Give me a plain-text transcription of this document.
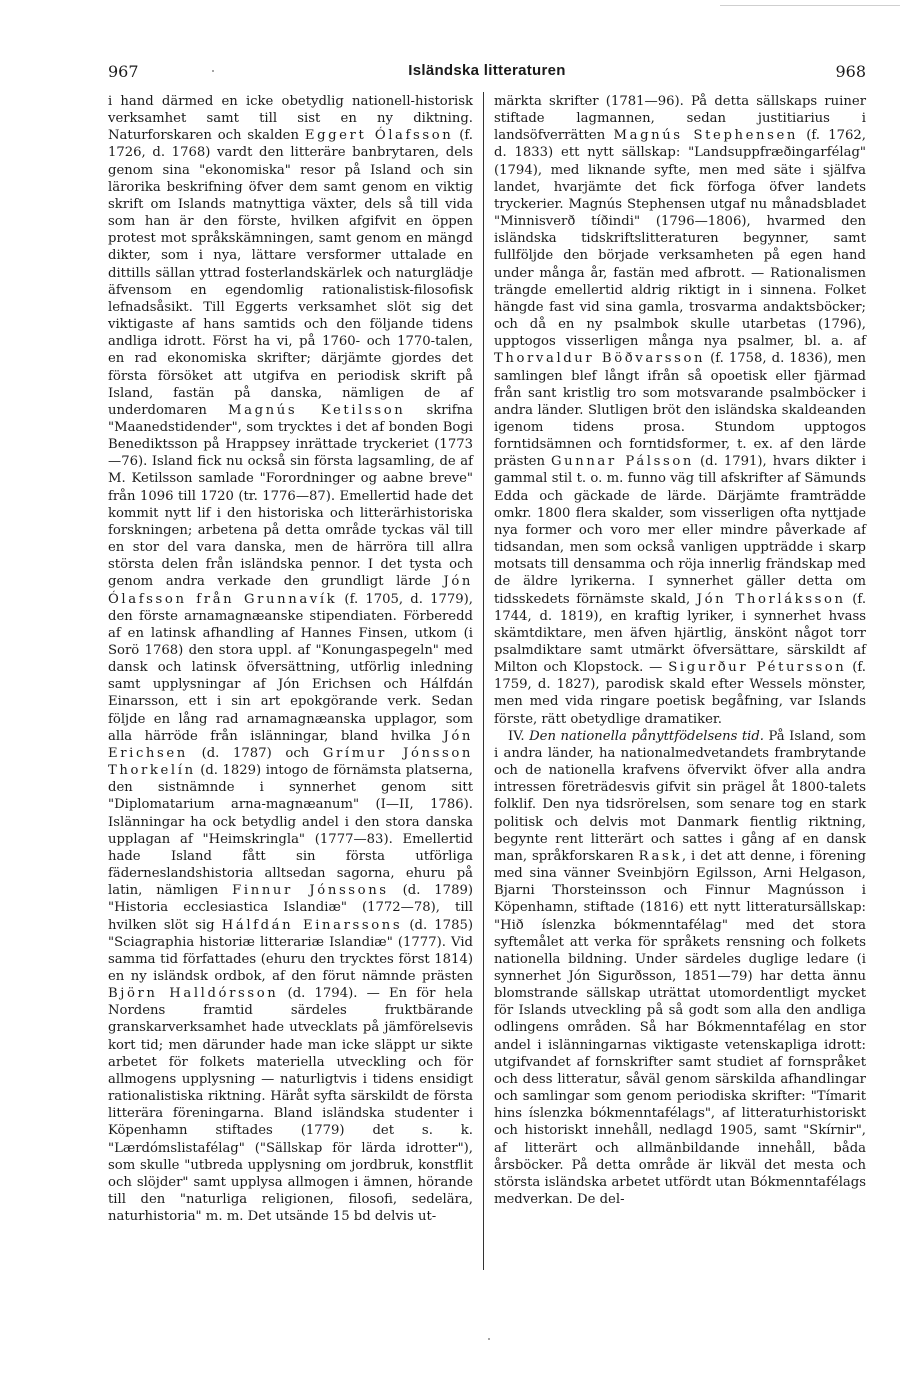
967	Isländska litteraturen	968

i hand därmed en icke obetydlig nationell-historisk verksamhet samt till sist en ny diktning. Naturforskaren och skalden Eggert Ólafsson (f. 1726, d. 1768) vardt den litteräre banbrytaren, dels genom sina "ekonomiska" resor på Island och sin lärorika beskrifning öfver dem samt genom en viktig skrift om Islands matnyttiga växter, dels så till vida som han är den förste, hvilken afgifvit en öppen protest mot språkskämningen, samt genom en mängd dikter, som i nya, lättare versformer uttalade en dittills sällan yttrad fosterlandskärlek och naturglädje äfvensom en egendomlig rationalistisk-filosofisk lefnadsåsikt. Till Eggerts verksamhet slöt sig det viktigaste af hans samtids och den följande tidens andliga idrott. Först ha vi, på 1760- och 1770-talen, en rad ekonomiska skrifter; därjämte gjordes det första försöket att utgifva en periodisk skrift på Island, fastän på danska, nämligen de af underdomaren Magnús Ketilsson skrifna "Maanedstidender", som trycktes i det af bonden Bogi Benediktsson på Hrappsey inrättade tryckeriet (1773—76). Island fick nu också sin första lagsamling, de af M. Ketilsson samlade "Forordninger og aabne breve" från 1096 till 1720 (tr. 1776—87). Emellertid hade det kommit nytt lif i den historiska och litterärhistoriska forskningen; arbetena på detta område tyckas väl till en stor del vara danska, men de härröra till allra största delen från isländska pennor. I det tysta och genom andra verkade den grundligt lärde Jón Ólafsson från Grunnavík (f. 1705, d. 1779), den förste arnamagnæanske stipendiaten. Förberedd af en latinsk afhandling af Hannes Finsen, utkom (i Sorö 1768) den stora uppl. af "Konungaspegeln" med dansk och latinsk öfversättning, utförlig inledning samt upplysningar af Jón Erichsen och Hálfdán Einarsson, ett i sin art epokgörande verk. Sedan följde en lång rad arnamagnæanska upplagor, som alla härröde från islänningar, bland hvilka Jón Erichsen (d. 1787) och Grímur Jónsson Thorkelín (d. 1829) intogo de förnämsta platserna, den sistnämnde i synnerhet genom sitt "Diplomatarium arna-magnæanum" (I—II, 1786). Islänningar ha ock betydlig andel i den stora danska upplagan af "Heimskringla" (1777—83). Emellertid hade Island fått sin första utförliga fäderneslandshistoria alltsedan sagorna, ehuru på latin, nämligen Finnur Jónssons (d. 1789) "Historia ecclesiastica Islandiæ" (1772—78), till hvilken slöt sig Hálfdán Einarssons (d. 1785) "Sciagraphia historiæ litterariæ Islandiæ" (1777). Vid samma tid författades (ehuru den trycktes först 1814) en ny isländsk ordbok, af den förut nämnde prästen Björn Halldórsson (d. 1794). — En för hela Nordens framtid särdeles fruktbärande granskarverksamhet hade utvecklats på jämförelsevis kort tid; men därunder hade man icke släppt ur sikte arbetet för folkets materiella utveckling och för allmogens upplysning — naturligtvis i tidens ensidigt rationalistiska riktning. Häråt syfta särskildt de första litterära föreningarna. Bland isländska studenter i Köpenhamn stiftades (1779) det s. k. "Lærdómslistafélag" ("Sällskap för lärda idrotter"), som skulle "utbreda upplysning om jordbruk, konstflit och slöjder" samt upplysa allmogen i ämnen, hörande till den "naturliga religionen, filosofi, sedelära, naturhistoria" m. m. Det utsände 15 bd delvis ut-

märkta skrifter (1781—96). På detta sällskaps ruiner stiftade lagmannen, sedan justitiarius i landsöfverrätten Magnús Stephensen (f. 1762, d. 1833) ett nytt sällskap: "Landsuppfræðingarfélag" (1794), med liknande syfte, men med säte i själfva landet, hvarjämte det fick förfoga öfver landets tryckerier. Magnús Stephensen utgaf nu månadsbladet "Minnisverð tíðindi" (1796—1806), hvarmed den isländska tidskriftslitteraturen begynner, samt fullföljde den började verksamheten på egen hand under många år, fastän med afbrott. — Rationalismen trängde emellertid aldrig riktigt in i sinnena. Folket hängde fast vid sina gamla, trosvarma andaktsböcker; och då en ny psalmbok skulle utarbetas (1796), upptogos visserligen många nya psalmer, bl. a. af Thorvaldur Böðvarsson (f. 1758, d. 1836), men samlingen blef långt ifrån så opoetisk eller fjärmad från sant kristlig tro som motsvarande psalmböcker i andra länder. Slutligen bröt den isländska skaldeanden igenom tidens prosa. Stundom upptogos forntidsämnen och forntidsformer, t. ex. af den lärde prästen Gunnar Pálsson (d. 1791), hvars dikter i gammal stil t. o. m. funno väg till afskrifter af Sämunds Edda och gäckade de lärde. Därjämte framträdde omkr. 1800 flera skalder, som visserligen ofta nyttjade nya former och voro mer eller mindre påverkade af tidsandan, men som också vanligen uppträdde i skarp motsats till densamma och röja innerlig frändskap med de äldre lyrikerna. I synnerhet gäller detta om tidsskedets förnämste skald, Jón Thorláksson (f. 1744, d. 1819), en kraftig lyriker, i synnerhet hvass skämtdiktare, men äfven hjärtlig, änskönt något torr psalmdiktare samt utmärkt öfversättare, särskildt af Milton och Klopstock. — Sigurður Pétursson (f. 1759, d. 1827), parodisk skald efter Wessels mönster, men med vida ringare poetisk begåfning, var Islands förste, rätt obetydlige dramatiker.

IV. Den nationella pånyttfödelsens tid. På Island, som i andra länder, ha nationalmedvetandets frambrytande och de nationella krafvens öfvervikt öfver alla andra intressen företrädesvis gifvit sin prägel åt 1800-talets folklif. Den nya tidsrörelsen, som senare tog en stark politisk och delvis mot Danmark fientlig riktning, begynte rent litterärt och sattes i gång af en dansk man, språkforskaren Rask, i det att denne, i förening med sina vänner Sveinbjörn Egilsson, Arni Helgason, Bjarni Thorsteinsson och Finnur Magnússon i Köpenhamn, stiftade (1816) ett nytt litteratursällskap: "Hið íslenzka bókmenntafélag" med det stora syftemålet att verka för språkets rensning och folkets nationella bildning. Under särdeles duglige ledare (i synnerhet Jón Sigurðsson, 1851—79) har detta ännu blomstrande sällskap uträttat utomordentligt mycket för Islands utveckling på så godt som alla den andliga odlingens områden. Så har Bókmenntafélag en stor andel i islänningarnas viktigaste vetenskapliga idrott: utgifvandet af fornskrifter samt studiet af fornspråket och dess litteratur, såväl genom särskilda afhandlingar och samlingar som genom periodiska skrifter: "Tímarit hins íslenzka bókmenntafélags", af litteraturhistoriskt och historiskt innehåll, nedlagd 1905, samt "Skírnir", af litterärt och allmänbildande innehåll, båda årsböcker. På detta område är likväl det mesta och största isländska arbetet utfördt utan Bókmenntafélags medverkan. De del-
